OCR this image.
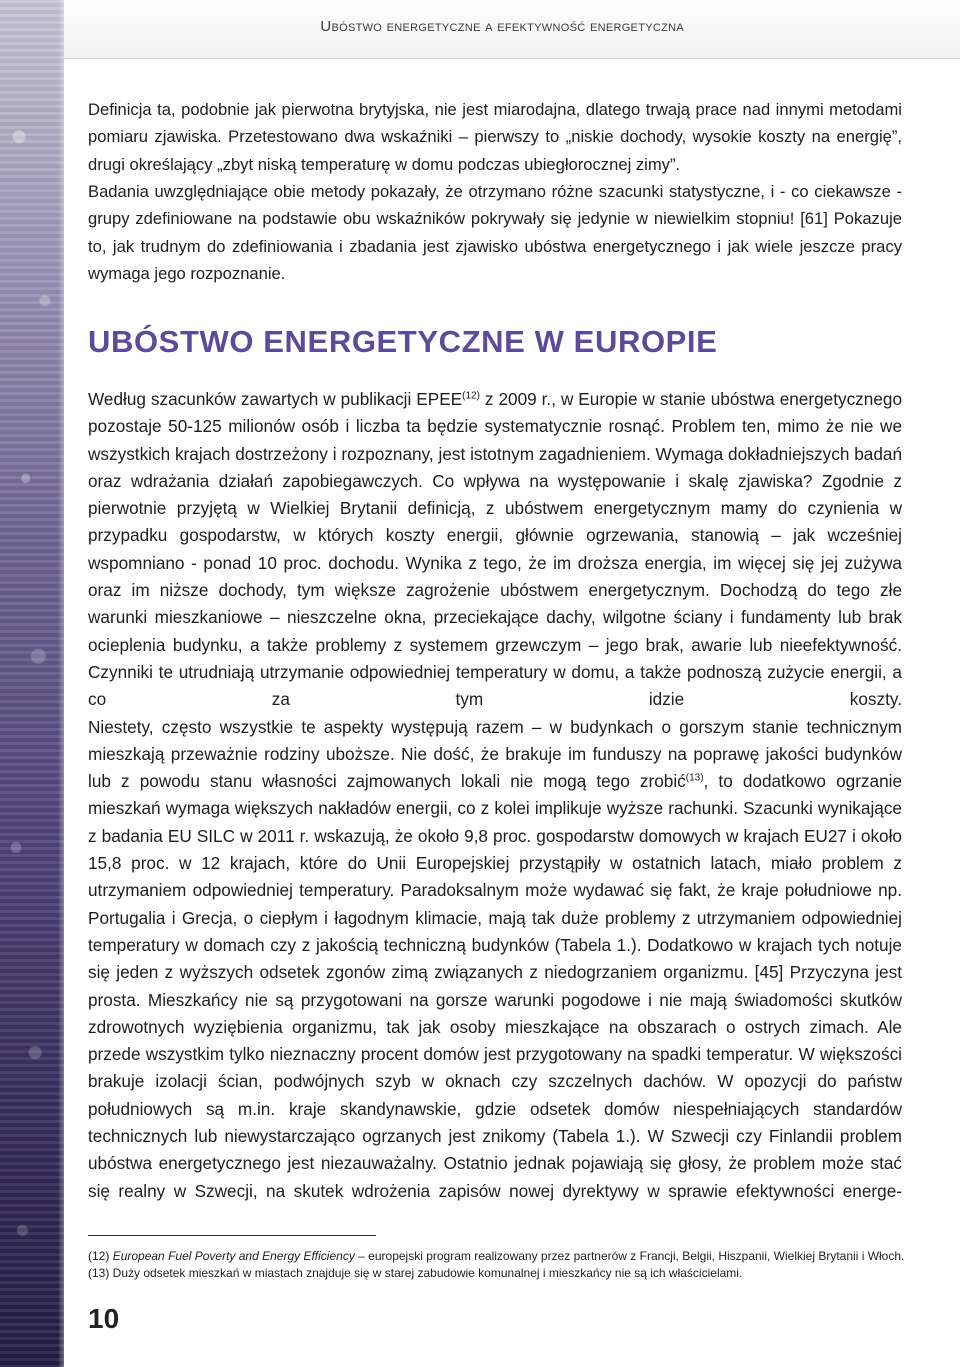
Ubóstwo energetyczne a efektywność energetyczna

Definicja ta, podobnie jak pierwotna brytyjska, nie jest miarodajna, dlatego trwają prace nad innymi metodami pomiaru zjawiska. Przetestowano dwa wskaźniki – pierwszy to „niskie dochody, wysokie koszty na energię”, drugi określający „zbyt niską temperaturę w domu podczas ubiegłorocznej zimy”.

Badania uwzględniające obie metody pokazały, że otrzymano różne szacunki statystyczne, i - co ciekawsze - grupy zdefiniowane na podstawie obu wskaźników pokrywały się jedynie w niewielkim stopniu! [61] Pokazuje to, jak trudnym do zdefiniowania i zbadania jest zjawisko ubóstwa energetycznego i jak wiele jeszcze pracy wymaga jego rozpoznanie.

UBÓSTWO ENERGETYCZNE W EUROPIE
Według szacunków zawartych w publikacji EPEE$^{(12)}$ z 2009 r., w Europie w stanie ubóstwa energetycznego pozostaje 50-125 milionów osób i liczba ta będzie systematycznie rosnąć. Problem ten, mimo że nie we wszystkich krajach dostrzeżony i rozpoznany, jest istotnym zagadnieniem. Wymaga dokładniejszych badań oraz wdrażania działań zapobiegawczych. Co wpływa na występowanie i skalę zjawiska? Zgodnie z pierwotnie przyjętą w Wielkiej Brytanii definicją, z ubóstwem energetycznym mamy do czynienia w przypadku gospodarstw, w których koszty energii, głównie ogrzewania, stanowią – jak wcześniej wspomniano - ponad 10 proc. dochodu. Wynika z tego, że im droższa energia, im więcej się jej zużywa oraz im niższe dochody, tym większe zagrożenie ubóstwem energetycznym. Dochodzą do tego złe warunki mieszkaniowe – nieszczelne okna, przeciekające dachy, wilgotne ściany i fundamenty lub brak ocieplenia budynku, a także problemy z systemem grzewczym – jego brak, awarie lub nieefektywność. Czynniki te utrudniają utrzymanie odpowiedniej temperatury w domu, a także podnoszą zużycie energii, a co za tym idzie koszty.
Niestety, często wszystkie te aspekty występują razem – w budynkach o gorszym stanie technicznym mieszkają przeważnie rodziny uboższe. Nie dość, że brakuje im funduszy na poprawę jakości budynków lub z powodu stanu własności zajmowanych lokali nie mogą tego zrobić$^{(13)}$, to dodatkowo ogrzanie mieszkań wymaga większych nakładów energii, co z kolei implikuje wyższe rachunki. Szacunki wynikające z badania EU SILC w 2011 r. wskazują, że około 9,8 proc. gospodarstw domowych w krajach EU27 i około 15,8 proc. w 12 krajach, które do Unii Europejskiej przystąpiły w ostatnich latach, miało problem z utrzymaniem odpowiedniej temperatury. Paradoksalnym może wydawać się fakt, że kraje południowe np. Portugalia i Grecja, o ciepłym i łagodnym klimacie, mają tak duże problemy z utrzymaniem odpowiedniej temperatury w domach czy z jakością techniczną budynków (Tabela 1.). Dodatkowo w krajach tych notuje się jeden z wyższych odsetek zgonów zimą związanych z niedogrzaniem organizmu. [45] Przyczyna jest prosta. Mieszkańcy nie są przygotowani na gorsze warunki pogodowe i nie mają świadomości skutków zdrowotnych wyziębienia organizmu, tak jak osoby mieszkające na obszarach o ostrych zimach. Ale przede wszystkim tylko nieznaczny procent domów jest przygotowany na spadki temperatur. W większości brakuje izolacji ścian, podwójnych szyb w oknach czy szczelnych dachów. W opozycji do państw południowych są m.in. kraje skandynawskie, gdzie odsetek domów niespełniających standardów technicznych lub niewystarczająco ogrzanych jest znikomy (Tabela 1.). W Szwecji czy Finlandii problem ubóstwa energetycznego jest niezauważalny. Ostatnio jednak pojawiają się głosy, że problem może stać się realny w Szwecji, na skutek wdrożenia zapisów nowej dyrektywy w sprawie efektywności energe-
(12) European Fuel Poverty and Energy Efficiency – europejski program realizowany przez partnerów z Francji, Belgii, Hiszpanii, Wielkiej Brytanii i Włoch.
(13) Duży odsetek mieszkań w miastach znajduje się w starej zabudowie komunalnej i mieszkańcy nie są ich właścicielami.
10
